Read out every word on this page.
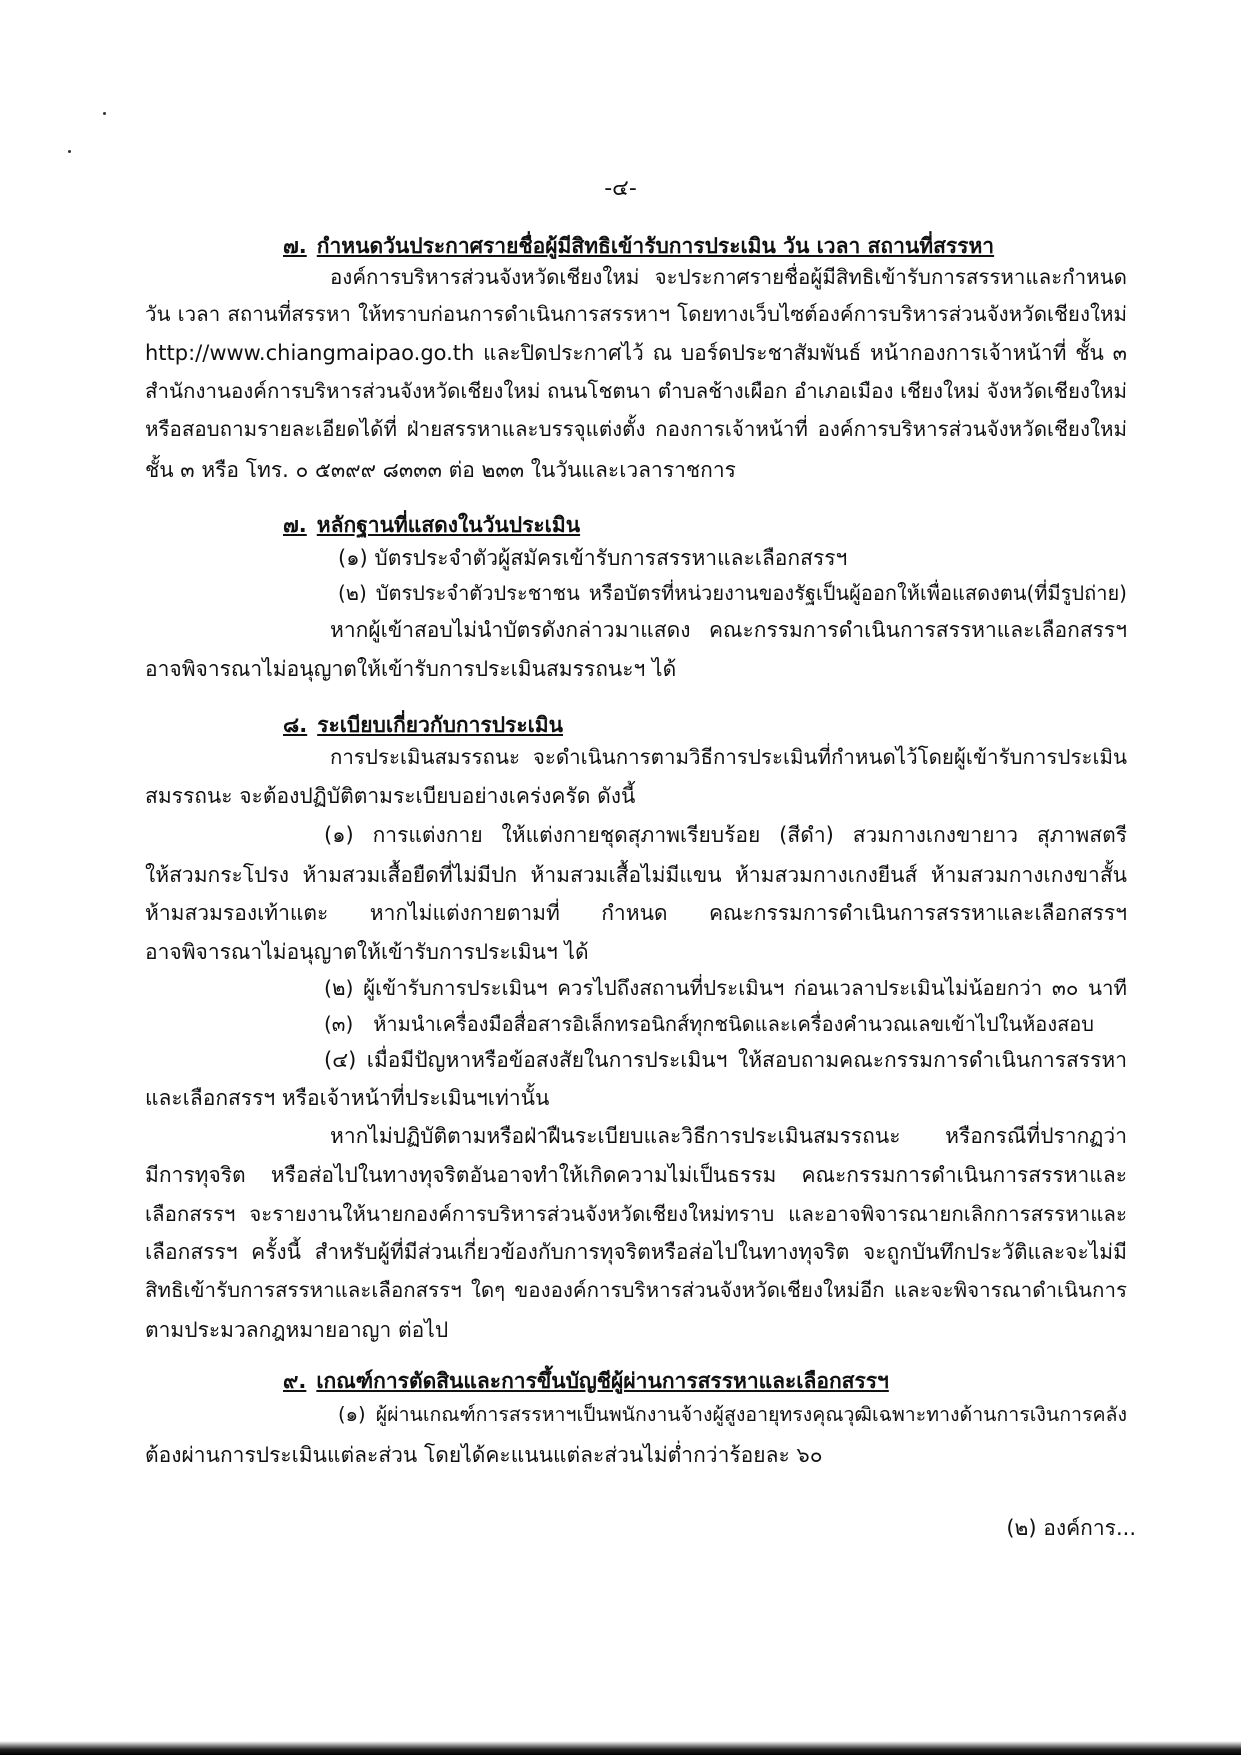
-๔-
๗. กำหนดวันประกาศรายชื่อผู้มีสิทธิเข้ารับการประเมิน วัน เวลา สถานที่สรรหา
องค์การบริหารส่วนจังหวัดเชียงใหม่ จะประกาศรายชื่อผู้มีสิทธิเข้ารับการสรรหาและกำหนด
วัน เวลา สถานที่สรรหา ให้ทราบก่อนการดำเนินการสรรหาฯ โดยทางเว็บไซต์องค์การบริหารส่วนจังหวัดเชียงใหม่
http://www.chiangmaipao.go.th และปิดประกาศไว้ ณ บอร์ดประชาสัมพันธ์ หน้ากองการเจ้าหน้าที่ ชั้น ๓
สำนักงานองค์การบริหารส่วนจังหวัดเชียงใหม่ ถนนโชตนา ตำบลช้างเผือก อำเภอเมือง เชียงใหม่ จังหวัดเชียงใหม่
หรือสอบถามรายละเอียดได้ที่ ฝ่ายสรรหาและบรรจุแต่งตั้ง กองการเจ้าหน้าที่ องค์การบริหารส่วนจังหวัดเชียงใหม่
ชั้น ๓ หรือ โทร. ๐ ๕๓๙๙ ๘๓๓๓ ต่อ ๒๓๓ ในวันและเวลาราชการ
๗. หลักฐานที่แสดงในวันประเมิน
(๑) บัตรประจำตัวผู้สมัครเข้ารับการสรรหาและเลือกสรรฯ
(๒) บัตรประจำตัวประชาชน หรือบัตรที่หน่วยงานของรัฐเป็นผู้ออกให้เพื่อแสดงตน(ที่มีรูปถ่าย)
หากผู้เข้าสอบไม่นำบัตรดังกล่าวมาแสดง คณะกรรมการดำเนินการสรรหาและเลือกสรรฯ
อาจพิจารณาไม่อนุญาตให้เข้ารับการประเมินสมรรถนะฯ ได้
๘. ระเบียบเกี่ยวกับการประเมิน
การประเมินสมรรถนะ จะดำเนินการตามวิธีการประเมินที่กำหนดไว้โดยผู้เข้ารับการประเมิน
สมรรถนะ จะต้องปฏิบัติตามระเบียบอย่างเคร่งครัด ดังนี้
(๑) การแต่งกาย ให้แต่งกายชุดสุภาพเรียบร้อย (สีดำ) สวมกางเกงขายาว สุภาพสตรี
ให้สวมกระโปรง ห้ามสวมเสื้อยืดที่ไม่มีปก ห้ามสวมเสื้อไม่มีแขน ห้ามสวมกางเกงยีนส์ ห้ามสวมกางเกงขาสั้น
ห้ามสวมรองเท้าแตะ หากไม่แต่งกายตามที่ กำหนด คณะกรรมการดำเนินการสรรหาและเลือกสรรฯ
อาจพิจารณาไม่อนุญาตให้เข้ารับการประเมินฯ ได้
(๒) ผู้เข้ารับการประเมินฯ ควรไปถึงสถานที่ประเมินฯ ก่อนเวลาประเมินไม่น้อยกว่า ๓๐ นาที
(๓) ห้ามนำเครื่องมือสื่อสารอิเล็กทรอนิกส์ทุกชนิดและเครื่องคำนวณเลขเข้าไปในห้องสอบ
(๔) เมื่อมีปัญหาหรือข้อสงสัยในการประเมินฯ ให้สอบถามคณะกรรมการดำเนินการสรรหา
และเลือกสรรฯ หรือเจ้าหน้าที่ประเมินฯเท่านั้น
หากไม่ปฏิบัติตามหรือฝ่าฝืนระเบียบและวิธีการประเมินสมรรถนะ หรือกรณีที่ปรากฏว่า
มีการทุจริต หรือส่อไปในทางทุจริตอันอาจทำให้เกิดความไม่เป็นธรรม คณะกรรมการดำเนินการสรรหาและ
เลือกสรรฯ จะรายงานให้นายกองค์การบริหารส่วนจังหวัดเชียงใหม่ทราบ และอาจพิจารณายกเลิกการสรรหาและ
เลือกสรรฯ ครั้งนี้ สำหรับผู้ที่มีส่วนเกี่ยวข้องกับการทุจริตหรือส่อไปในทางทุจริต จะถูกบันทึกประวัติและจะไม่มี
สิทธิเข้ารับการสรรหาและเลือกสรรฯ ใดๆ ขององค์การบริหารส่วนจังหวัดเชียงใหม่อีก และจะพิจารณาดำเนินการ
ตามประมวลกฎหมายอาญา ต่อไป
๙. เกณฑ์การตัดสินและการขึ้นบัญชีผู้ผ่านการสรรหาและเลือกสรรฯ
(๑) ผู้ผ่านเกณฑ์การสรรหาฯเป็นพนักงานจ้างผู้สูงอายุทรงคุณวุฒิเฉพาะทางด้านการเงินการคลัง
ต้องผ่านการประเมินแต่ละส่วน โดยได้คะแนนแต่ละส่วนไม่ต่ำกว่าร้อยละ ๖๐
(๒) องค์การ...
